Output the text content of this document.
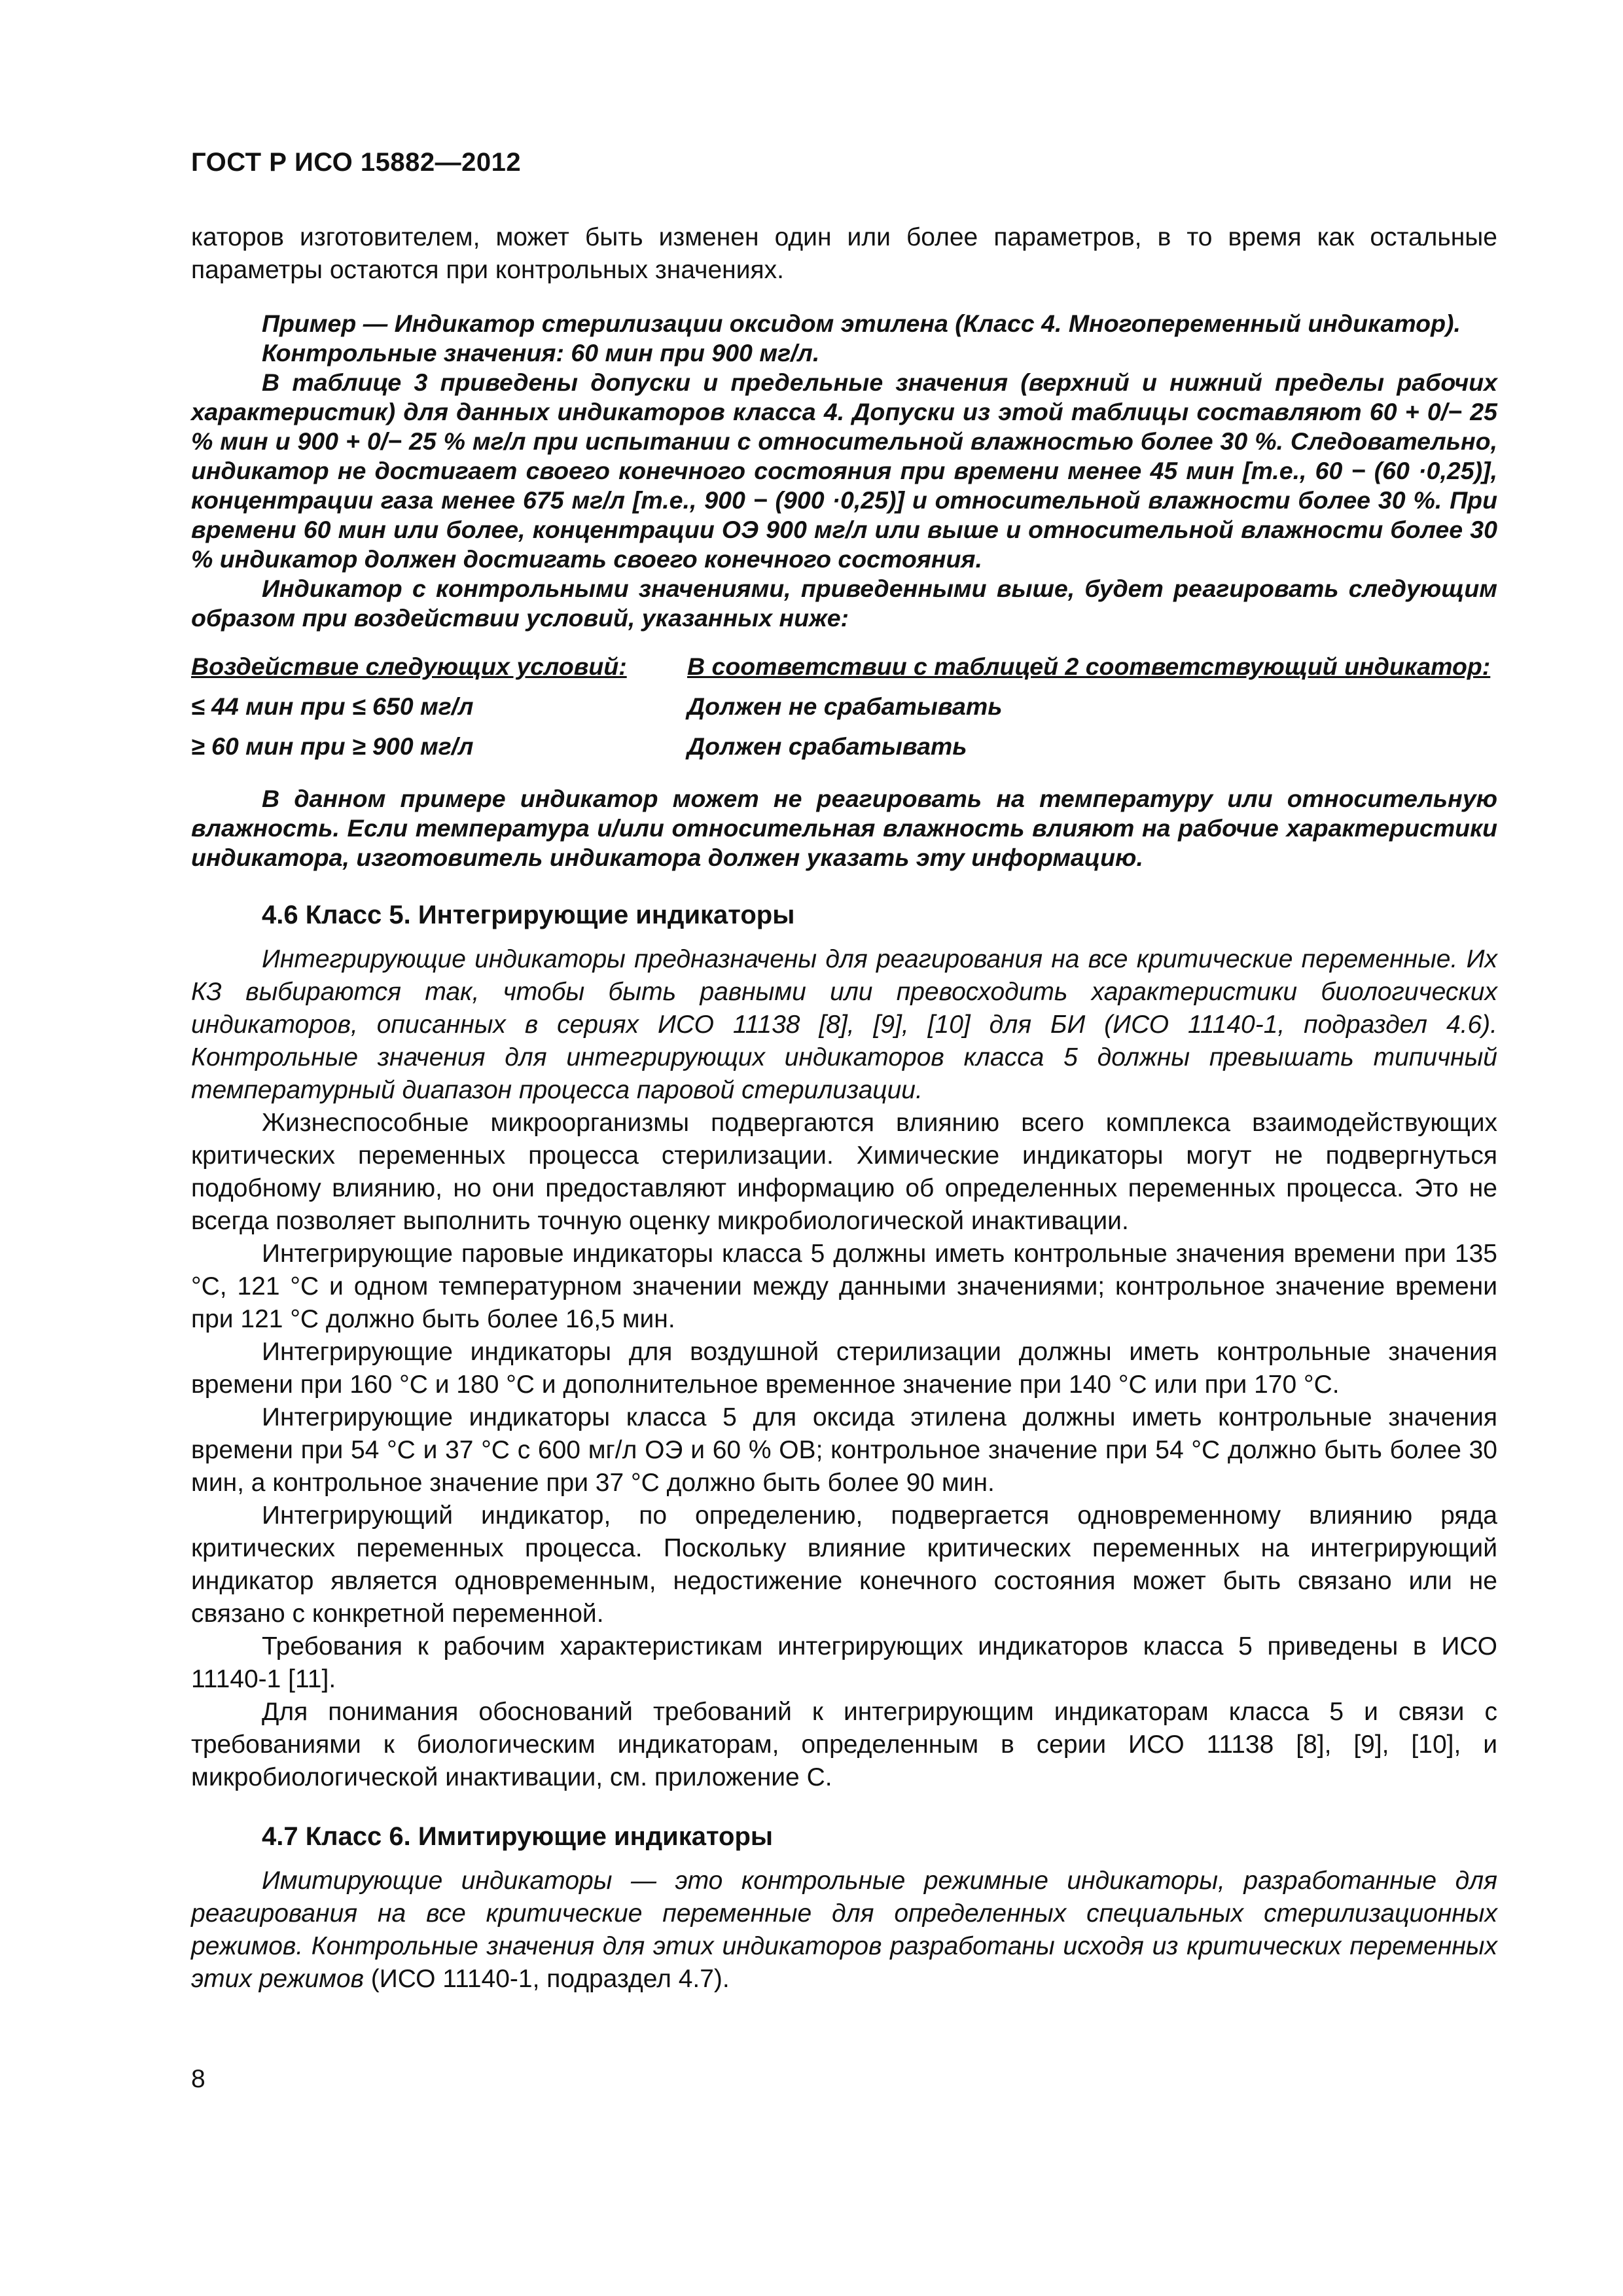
ГОСТ Р ИСО 15882—2012

каторов изготовителем, может быть изменен один или более параметров, в то время как остальные параметры остаются при контрольных значениях.

Пример — Индикатор стерилизации оксидом этилена (Класс 4. Многопеременный индикатор).

Контрольные значения: 60 мин при 900 мг/л.

В таблице 3 приведены допуски и предельные значения (верхний и нижний пределы рабочих характеристик) для данных индикаторов класса 4. Допуски из этой таблицы составляют 60 + 0/− 25 % мин и 900 + 0/− 25 % мг/л при испытании с относительной влажностью более 30 %. Следовательно, индикатор не достигает своего конечного состояния при времени менее 45 мин [т.е., 60 − (60 ·0,25)], концентрации газа менее 675 мг/л [т.е., 900 − (900 ·0,25)] и относительной влажности более 30 %. При времени 60 мин или более, концентрации ОЭ 900 мг/л или выше и относительной влажности более 30 % индикатор должен достигать своего конечного состояния.

Индикатор с контрольными значениями, приведенными выше, будет реагировать следующим образом при воздействии условий, указанных ниже:

Воздействие следующих условий:	В соответствии с таблицей 2 соответствующий индикатор:
≤ 44 мин при ≤ 650 мг/л	Должен не срабатывать
≥ 60 мин при ≥ 900 мг/л	Должен срабатывать

В данном примере индикатор может не реагировать на температуру или относительную влажность. Если температура и/или относительная влажность влияют на рабочие характеристики индикатора, изготовитель индикатора должен указать эту информацию.

4.6 Класс 5. Интегрирующие индикаторы

Интегрирующие индикаторы предназначены для реагирования на все критические переменные. Их КЗ выбираются так, чтобы быть равными или превосходить характеристики биологических индикаторов, описанных в сериях ИСО 11138 [8], [9], [10] для БИ (ИСО 11140-1, подраздел 4.6). Контрольные значения для интегрирующих индикаторов класса 5 должны превышать типичный температурный диапазон процесса паровой стерилизации.

Жизнеспособные микроорганизмы подвергаются влиянию всего комплекса взаимодействующих критических переменных процесса стерилизации. Химические индикаторы могут не подвергнуться подобному влиянию, но они предоставляют информацию об определенных переменных процесса. Это не всегда позволяет выполнить точную оценку микробиологической инактивации.

Интегрирующие паровые индикаторы класса 5 должны иметь контрольные значения времени при 135 °С, 121 °С и одном температурном значении между данными значениями; контрольное значение времени при 121 °С должно быть более 16,5 мин.

Интегрирующие индикаторы для воздушной стерилизации должны иметь контрольные значения времени при 160 °С и 180 °С и дополнительное временное значение при 140 °С или при 170 °С.

Интегрирующие индикаторы класса 5 для оксида этилена должны иметь контрольные значения времени при 54 °С и 37 °С с 600 мг/л ОЭ и 60 % ОВ; контрольное значение при 54 °С должно быть более 30 мин, а контрольное значение при 37 °С должно быть более 90 мин.

Интегрирующий индикатор, по определению, подвергается одновременному влиянию ряда критических переменных процесса. Поскольку влияние критических переменных на интегрирующий индикатор является одновременным, недостижение конечного состояния может быть связано или не связано с конкретной переменной.

Требования к рабочим характеристикам интегрирующих индикаторов класса 5 приведены в ИСО 11140-1 [11].

Для понимания обоснований требований к интегрирующим индикаторам класса 5 и связи с требованиями к биологическим индикаторам, определенным в серии ИСО 11138 [8], [9], [10], и микробиологической инактивации, см. приложение С.

4.7 Класс 6. Имитирующие индикаторы

Имитирующие индикаторы — это контрольные режимные индикаторы, разработанные для реагирования на все критические переменные для определенных специальных стерилизационных режимов. Контрольные значения для этих индикаторов разработаны исходя из критических переменных этих режимов (ИСО 11140-1, подраздел 4.7).

8
